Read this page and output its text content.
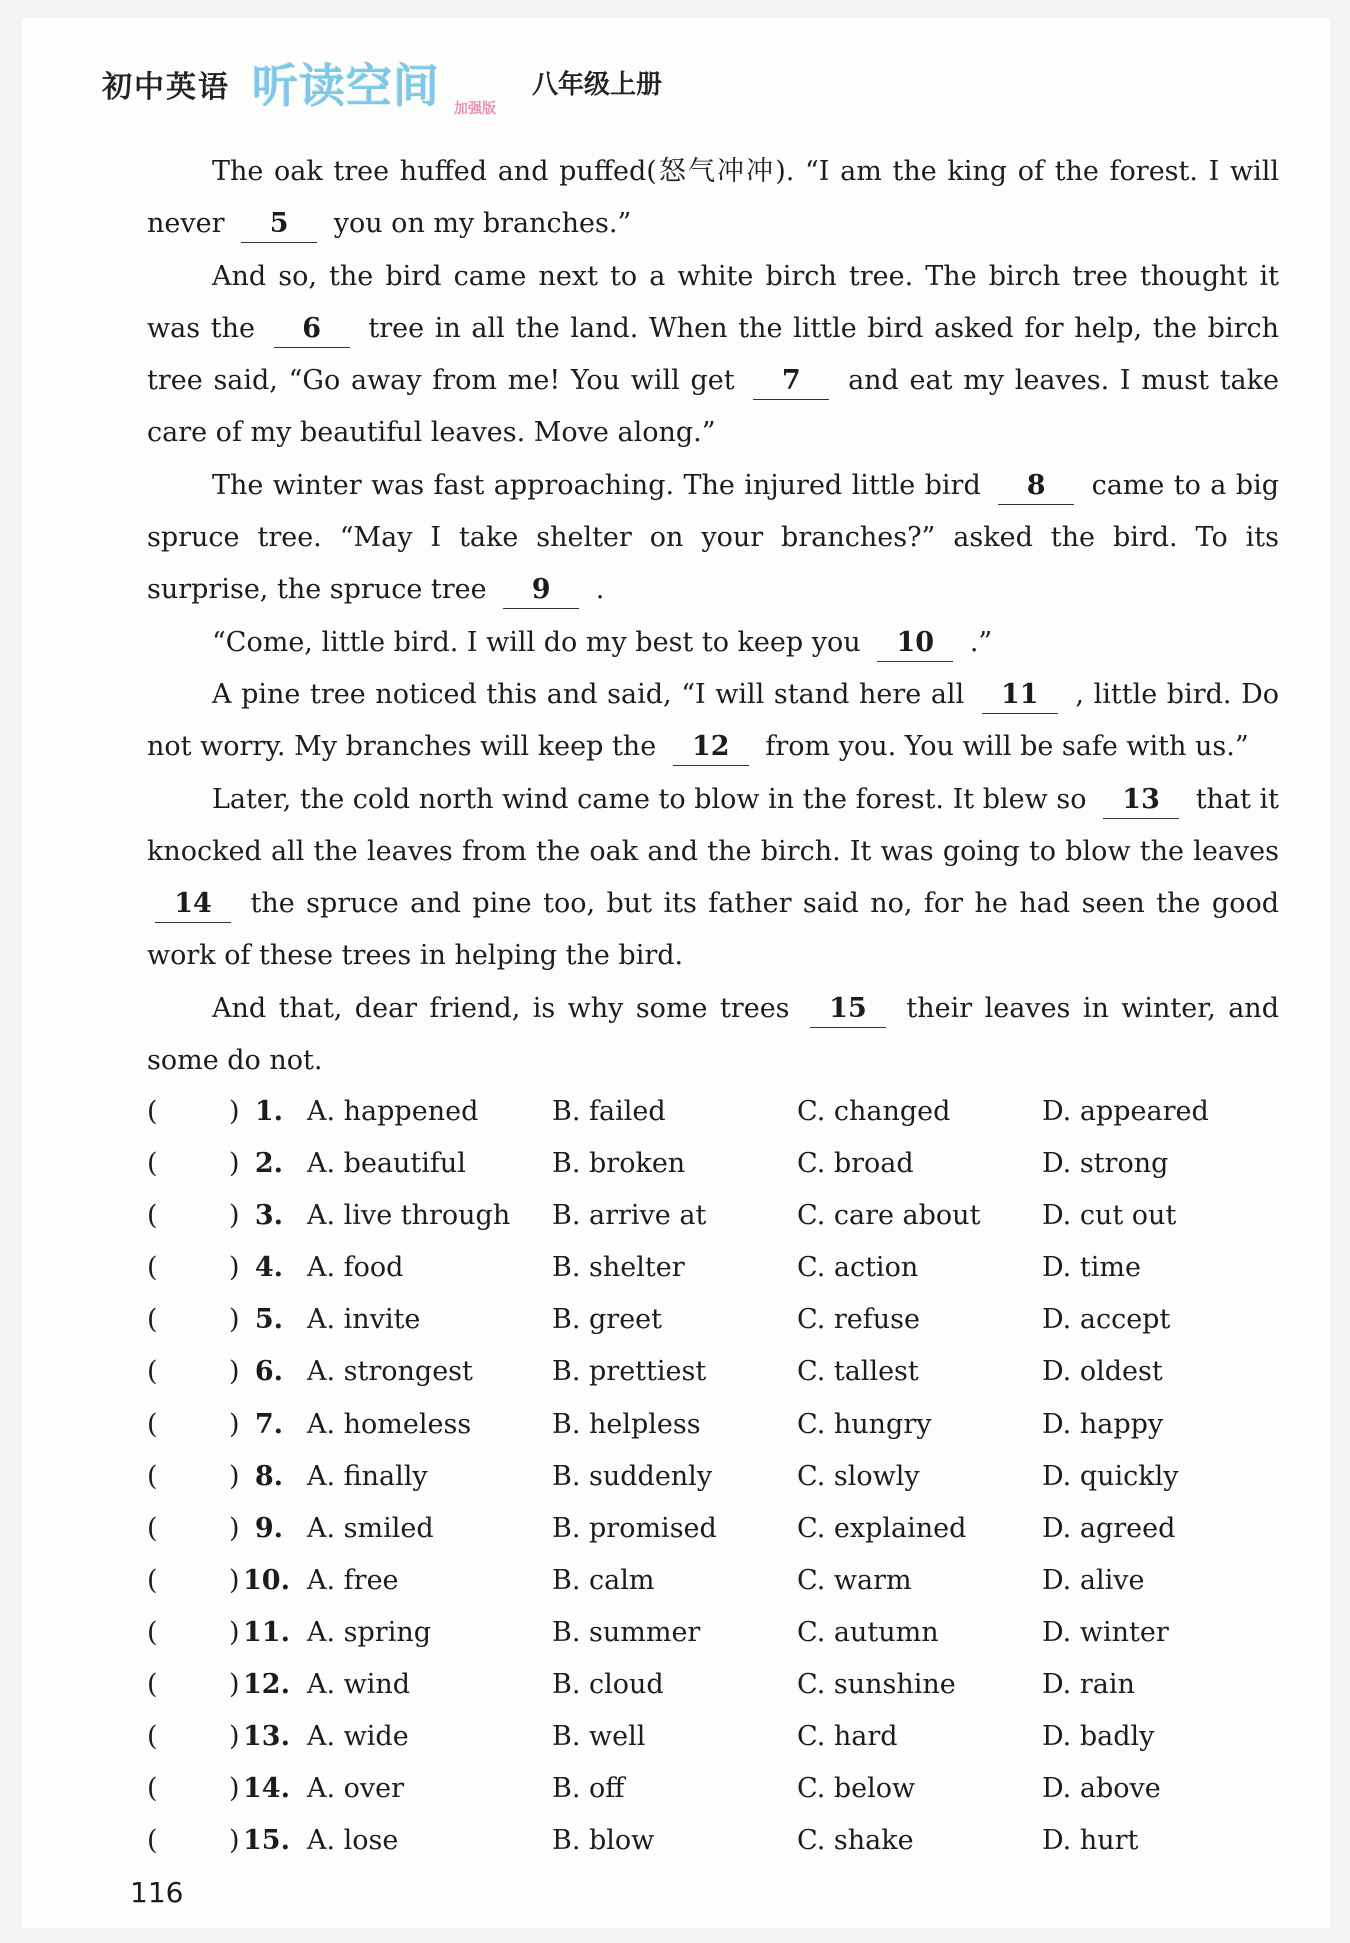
初中英语 听读空间 加强版
八年级上册

The oak tree huffed and puffed(怒气冲冲). “I am the king of the forest. I will never 5 you on my branches.”

And so, the bird came next to a white birch tree. The birch tree thought it was the 6 tree in all the land. When the little bird asked for help, the birch tree said, “Go away from me! You will get 7 and eat my leaves. I must take care of my beautiful leaves. Move along.”

The winter was fast approaching. The injured little bird 8 came to a big spruce tree. “May I take shelter on your branches?” asked the bird. To its surprise, the spruce tree 9 .

“Come, little bird. I will do my best to keep you 10 .”

A pine tree noticed this and said, “I will stand here all 11 , little bird. Do not worry. My branches will keep the 12 from you. You will be safe with us.”

Later, the cold north wind came to blow in the forest. It blew so 13 that it knocked all the leaves from the oak and the birch. It was going to blow the leaves 14 the spruce and pine too, but its father said no, for he had seen the good work of these trees in helping the bird.

And that, dear friend, is why some trees 15 their leaves in winter, and some do not.

(	) 1. A. happened	B. failed	C. changed	D. appeared
(	) 2. A. beautiful	B. broken	C. broad	D. strong
(	) 3. A. live through B. arrive at	C. care about D. cut out
(	) 4. A. food	B. shelter	C. action	D. time
(	) 5. A. invite	B. greet	C. refuse	D. accept
(	) 6. A. strongest	B. prettiest	C. tallest	D. oldest
(	) 7. A. homeless	B. helpless	C. hungry	D. happy
(	) 8. A. finally	B. suddenly	C. slowly	D. quickly
(	) 9. A. smiled	B. promised	C. explained	D. agreed
(	) 10. A. free	B. calm	C. warm	D. alive
(	) 11. A. spring	B. summer	C. autumn	D. winter
(	) 12. A. wind	B. cloud	C. sunshine	D. rain
(	) 13. A. wide	B. well	C. hard	D. badly
(	) 14. A. over	B. off	C. below	D. above
(	) 15. A. lose	B. blow	C. shake	D. hurt
116
